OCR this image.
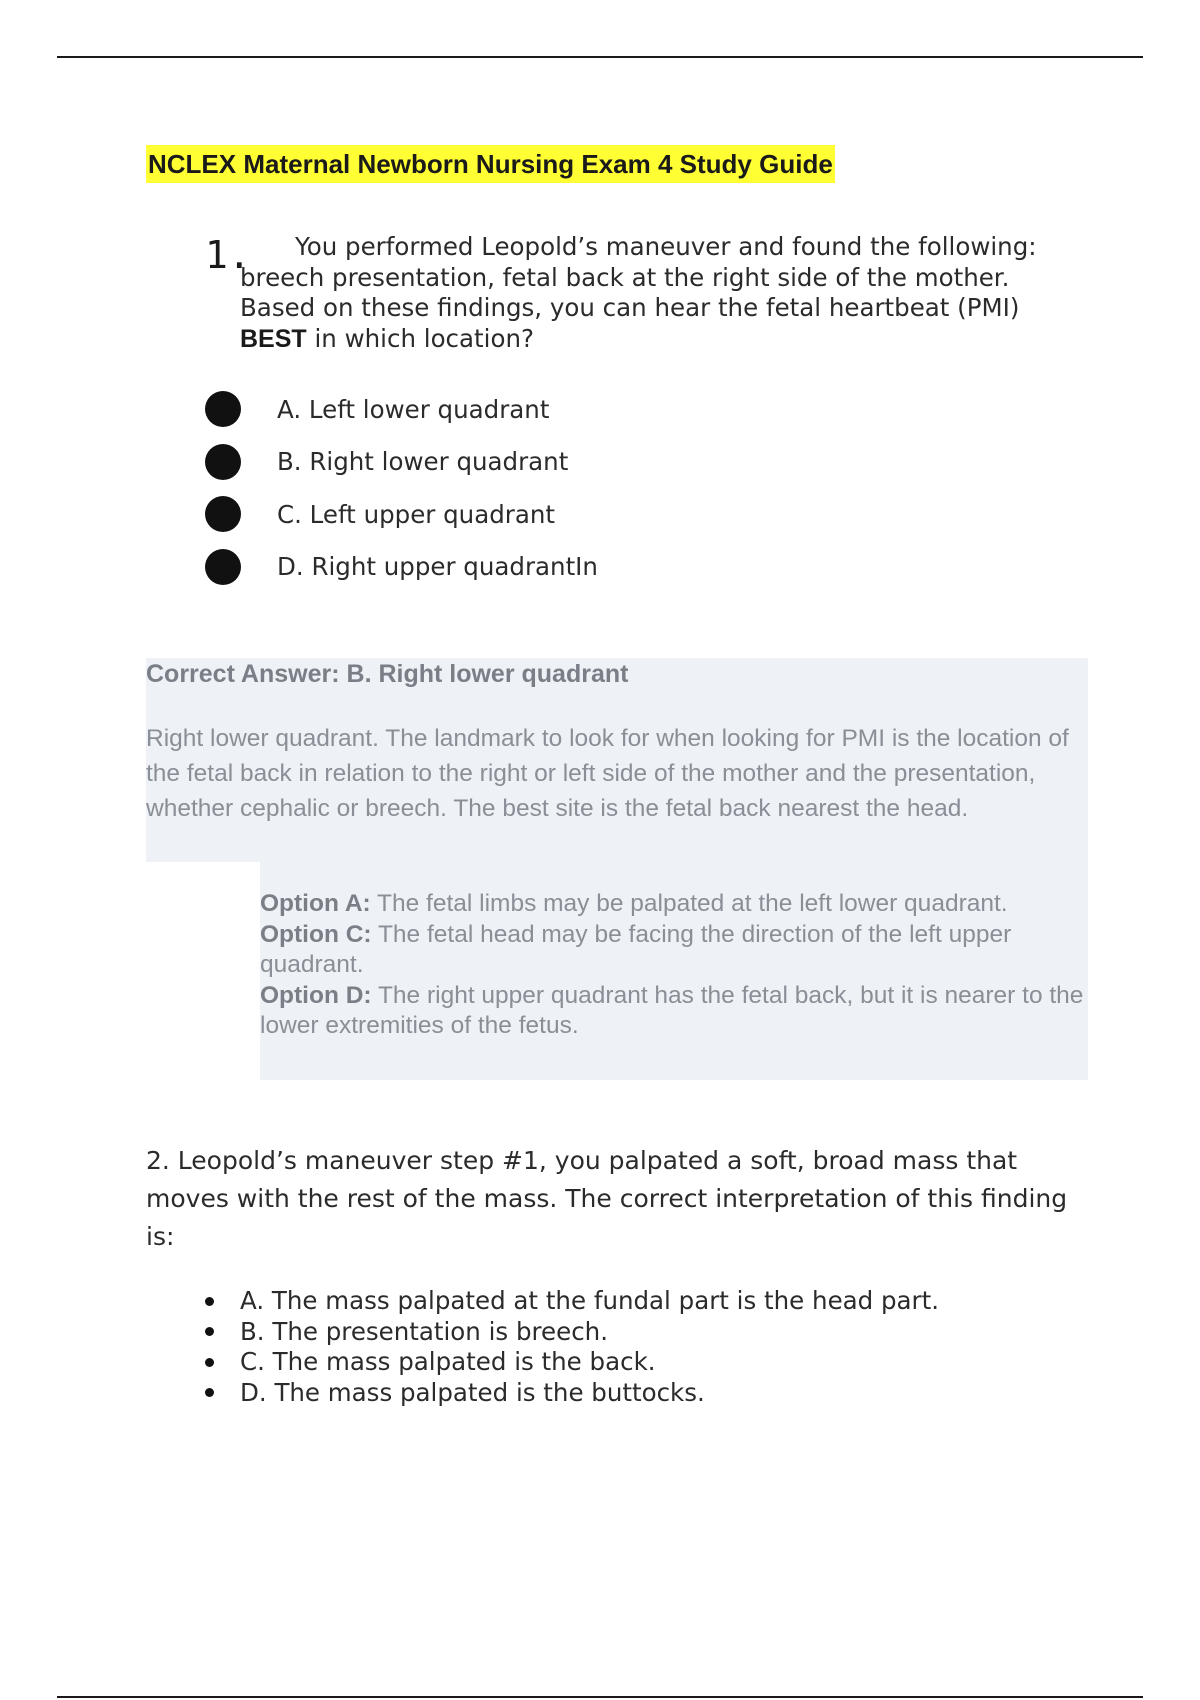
NCLEX Maternal Newborn Nursing Exam 4 Study Guide
1.	You performed Leopold’s maneuver and found the following: breech presentation, fetal back at the right side of the mother. Based on these findings, you can hear the fetal heartbeat (PMI) BEST in which location?

A. Left lower quadrant
B. Right lower quadrant
C. Left upper quadrant
D. Right upper quadrantIn

Correct Answer: B. Right lower quadrant

Right lower quadrant. The landmark to look for when looking for PMI is the location of the fetal back in relation to the right or left side of the mother and the presentation, whether cephalic or breech. The best site is the fetal back nearest the head.

Option A: The fetal limbs may be palpated at the left lower quadrant.
Option C: The fetal head may be facing the direction of the left upper quadrant.
Option D: The right upper quadrant has the fetal back, but it is nearer to the lower extremities of the fetus.

2. Leopold’s maneuver step #1, you palpated a soft, broad mass that moves with the rest of the mass. The correct interpretation of this finding is:

A. The mass palpated at the fundal part is the head part.
B. The presentation is breech.
C. The mass palpated is the back.
D. The mass palpated is the buttocks.
